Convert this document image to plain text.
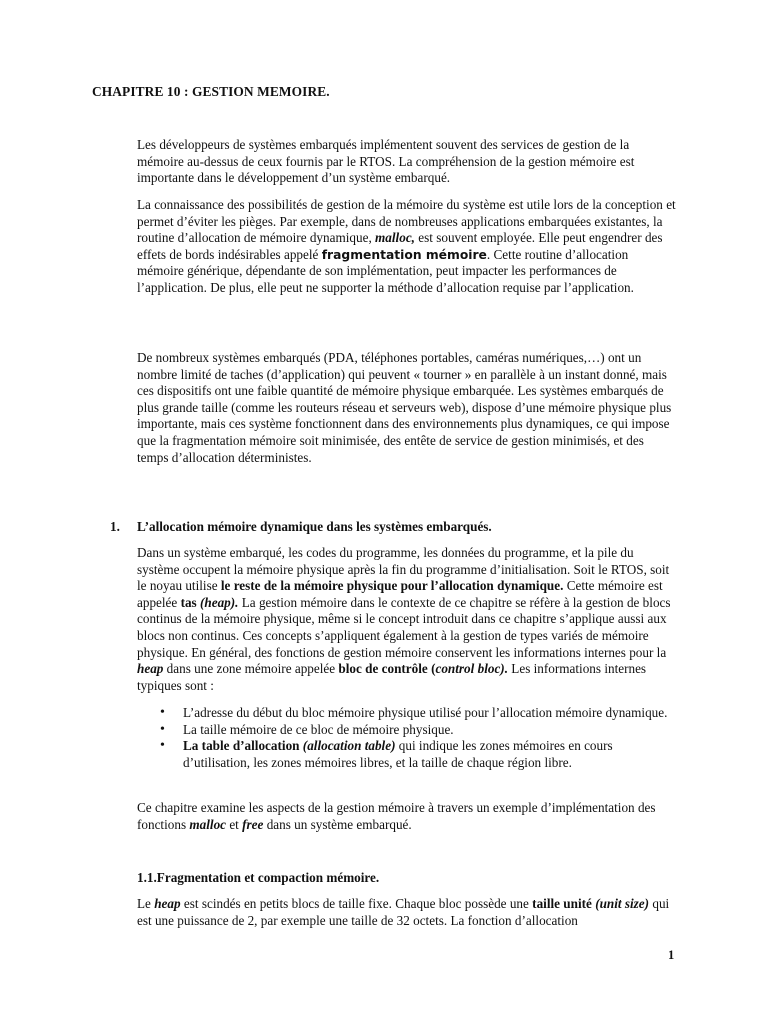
CHAPITRE 10 : GESTION MEMOIRE.

Les développeurs de systèmes embarqués implémentent souvent des services de gestion de la mémoire au-dessus de ceux fournis par le RTOS. La compréhension de la gestion mémoire est importante dans le développement d’un système embarqué.

La connaissance des possibilités de gestion de la mémoire du système est utile lors de la conception et permet d’éviter les pièges. Par exemple, dans de nombreuses applications embarquées existantes, la routine d’allocation de mémoire dynamique, malloc, est souvent employée. Elle peut engendrer des effets de bords indésirables appelé fragmentation mémoire. Cette routine d’allocation mémoire générique, dépendante de son implémentation, peut impacter les performances de l’application. De plus, elle peut ne supporter la méthode d’allocation requise par l’application.

De nombreux systèmes embarqués (PDA, téléphones portables, caméras numériques,…) ont un nombre limité de taches (d’application) qui peuvent « tourner » en parallèle à un instant donné, mais ces dispositifs ont une faible quantité de mémoire physique embarquée. Les systèmes embarqués de plus grande taille (comme les routeurs réseau et serveurs web), dispose d’une mémoire physique plus importante, mais ces système fonctionnent dans des environnements plus dynamiques, ce qui impose que la fragmentation mémoire soit minimisée, des entête de service de gestion minimisés, et des temps d’allocation déterministes.

1. L’allocation mémoire dynamique dans les systèmes embarqués.

Dans un système embarqué, les codes du programme, les données du programme, et la pile du système occupent la mémoire physique après la fin du programme d’initialisation. Soit le RTOS, soit le noyau utilise le reste de la mémoire physique pour l’allocation dynamique. Cette mémoire est appelée tas (heap). La gestion mémoire dans le contexte de ce chapitre se réfère à la gestion de blocs continus de la mémoire physique, même si le concept introduit dans ce chapitre s’applique aussi aux blocs non continus. Ces concepts s’appliquent également à la gestion de types variés de mémoire physique. En général, des fonctions de gestion mémoire conservent les informations internes pour la heap dans une zone mémoire appelée bloc de contrôle (control bloc). Les informations internes typiques sont :

• L’adresse du début du bloc mémoire physique utilisé pour l’allocation mémoire dynamique.
• La taille mémoire de ce bloc de mémoire physique.
• La table d’allocation (allocation table) qui indique les zones mémoires en cours d’utilisation, les zones mémoires libres, et la taille de chaque région libre.

Ce chapitre examine les aspects de la gestion mémoire à travers un exemple d’implémentation des fonctions malloc et free dans un système embarqué.

1.1.Fragmentation et compaction mémoire.

Le heap est scindés en petits blocs de taille fixe. Chaque bloc possède une taille unité (unit size) qui est une puissance de 2, par exemple une taille de 32 octets. La fonction d’allocation

1
